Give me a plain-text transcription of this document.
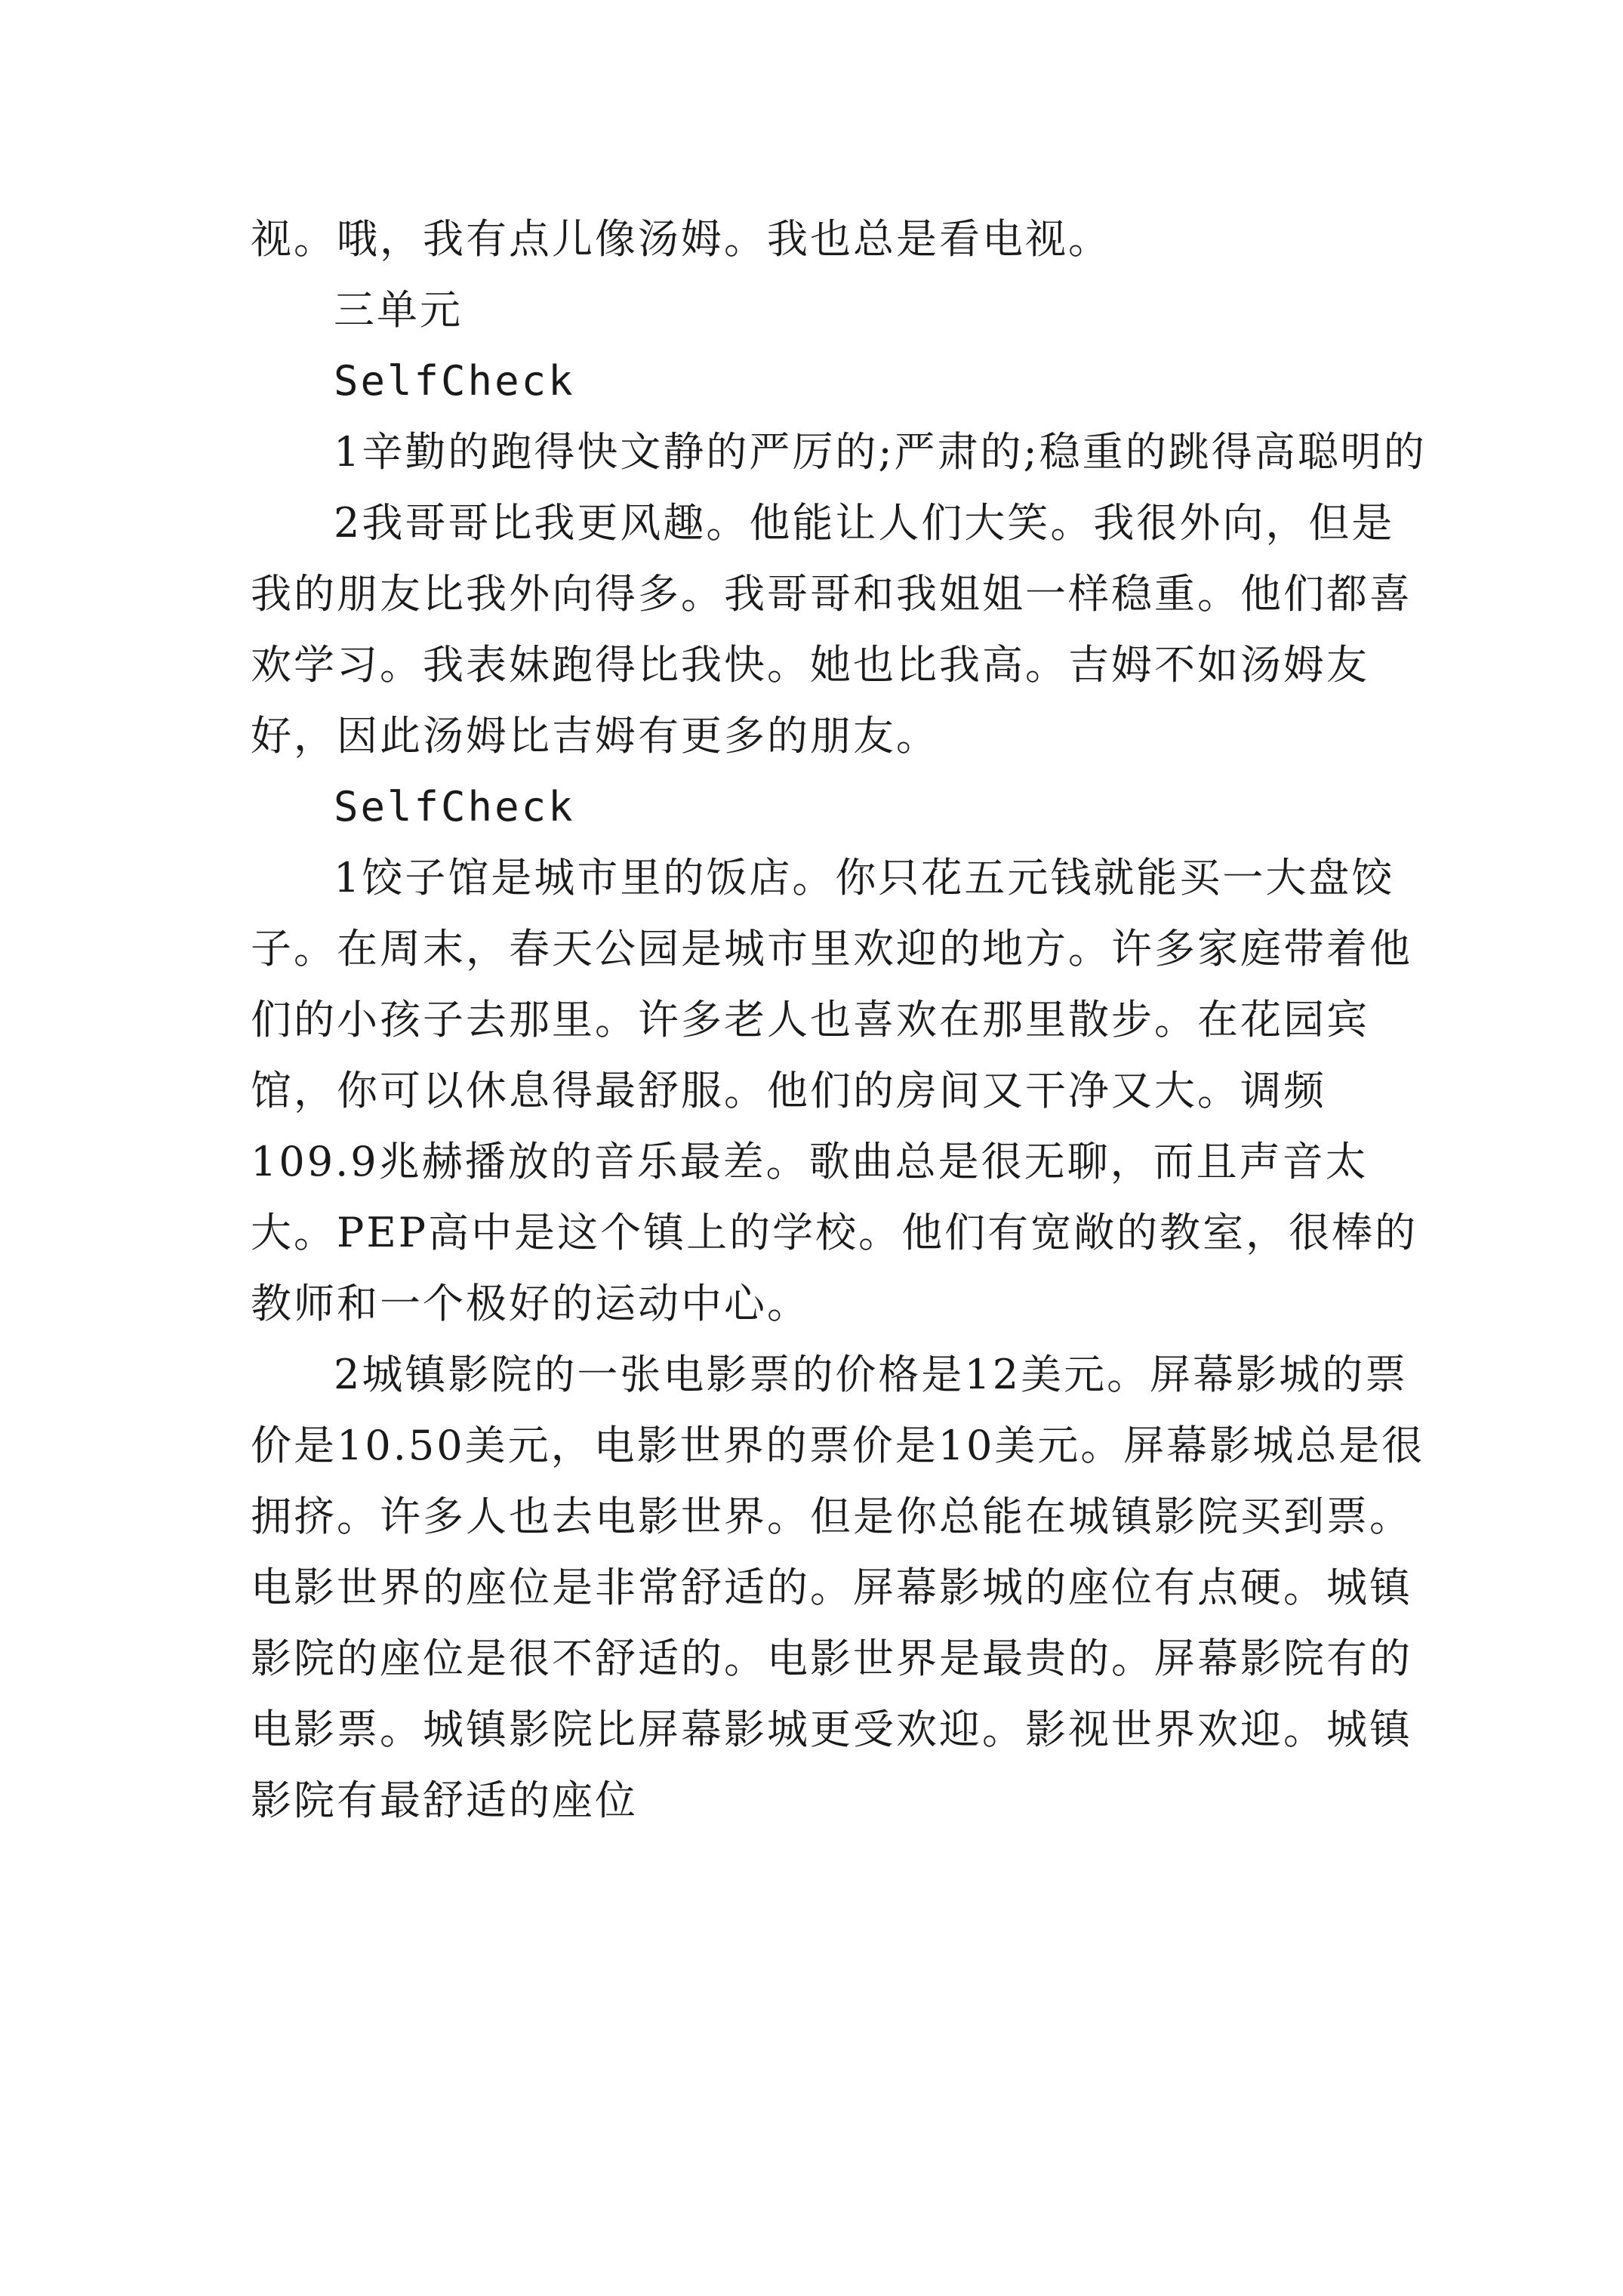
视。哦，我有点儿像汤姆。我也总是看电视。

三单元

SelfCheck

1辛勤的跑得快文静的严厉的;严肃的;稳重的跳得高聪明的

2我哥哥比我更风趣。他能让人们大笑。我很外向，但是我的朋友比我外向得多。我哥哥和我姐姐一样稳重。他们都喜欢学习。我表妹跑得比我快。她也比我高。吉姆不如汤姆友好，因此汤姆比吉姆有更多的朋友。

SelfCheck

1饺子馆是城市里的饭店。你只花五元钱就能买一大盘饺子。在周末，春天公园是城市里欢迎的地方。许多家庭带着他们的小孩子去那里。许多老人也喜欢在那里散步。在花园宾馆，你可以休息得最舒服。他们的房间又干净又大。调频109.9兆赫播放的音乐最差。歌曲总是很无聊，而且声音太大。PEP高中是这个镇上的学校。他们有宽敞的教室，很棒的教师和一个极好的运动中心。

2城镇影院的一张电影票的价格是12美元。屏幕影城的票价是10.50美元，电影世界的票价是10美元。屏幕影城总是很拥挤。许多人也去电影世界。但是你总能在城镇影院买到票。电影世界的座位是非常舒适的。屏幕影城的座位有点硬。城镇影院的座位是很不舒适的。电影世界是最贵的。屏幕影院有的电影票。城镇影院比屏幕影城更受欢迎。影视世界欢迎。城镇影院有最舒适的座位
